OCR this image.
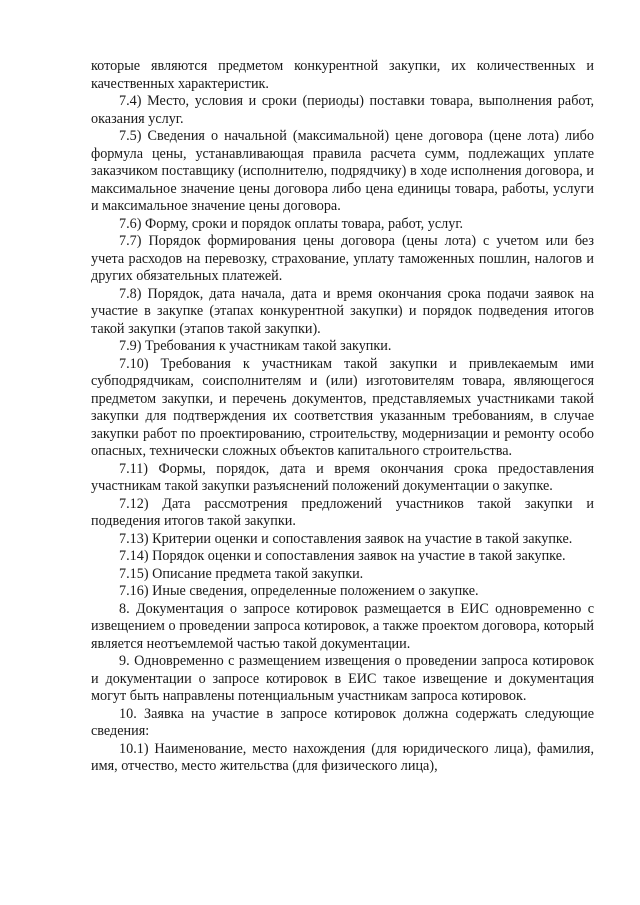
которые являются предметом конкурентной закупки, их количественных и качественных характеристик.

7.4) Место, условия и сроки (периоды) поставки товара, выполнения работ, оказания услуг.

7.5) Сведения о начальной (максимальной) цене договора (цене лота) либо формула цены, устанавливающая правила расчета сумм, подлежащих уплате заказчиком поставщику (исполнителю, подрядчику) в ходе исполнения договора, и максимальное значение цены договора либо цена единицы товара, работы, услуги и максимальное значение цены договора.

7.6) Форму, сроки и порядок оплаты товара, работ, услуг.

7.7) Порядок формирования цены договора (цены лота) с учетом или без учета расходов на перевозку, страхование, уплату таможенных пошлин, налогов и других обязательных платежей.

7.8) Порядок, дата начала, дата и время окончания срока подачи заявок на участие в закупке (этапах конкурентной закупки) и порядок подведения итогов такой закупки (этапов такой закупки).

7.9) Требования к участникам такой закупки.

7.10) Требования к участникам такой закупки и привлекаемым ими субподрядчикам, соисполнителям и (или) изготовителям товара, являющегося предметом закупки, и перечень документов, представляемых участниками такой закупки для подтверждения их соответствия указанным требованиям, в случае закупки работ по проектированию, строительству, модернизации и ремонту особо опасных, технически сложных объектов капитального строительства.

7.11) Формы, порядок, дата и время окончания срока предоставления участникам такой закупки разъяснений положений документации о закупке.

7.12) Дата рассмотрения предложений участников такой закупки и подведения итогов такой закупки.

7.13) Критерии оценки и сопоставления заявок на участие в такой закупке.

7.14) Порядок оценки и сопоставления заявок на участие в такой закупке.

7.15) Описание предмета такой закупки.

7.16) Иные сведения, определенные положением о закупке.

8. Документация о запросе котировок размещается в ЕИС одновременно с извещением о проведении запроса котировок, а также проектом договора, который является неотъемлемой частью такой документации.

9. Одновременно с размещением извещения о проведении запроса котировок и документации о запросе котировок в ЕИС такое извещение и документация могут быть направлены потенциальным участникам запроса котировок.

10. Заявка на участие в запросе котировок должна содержать следующие сведения:

10.1) Наименование, место нахождения (для юридического лица), фамилия, имя, отчество, место жительства (для физического лица),
